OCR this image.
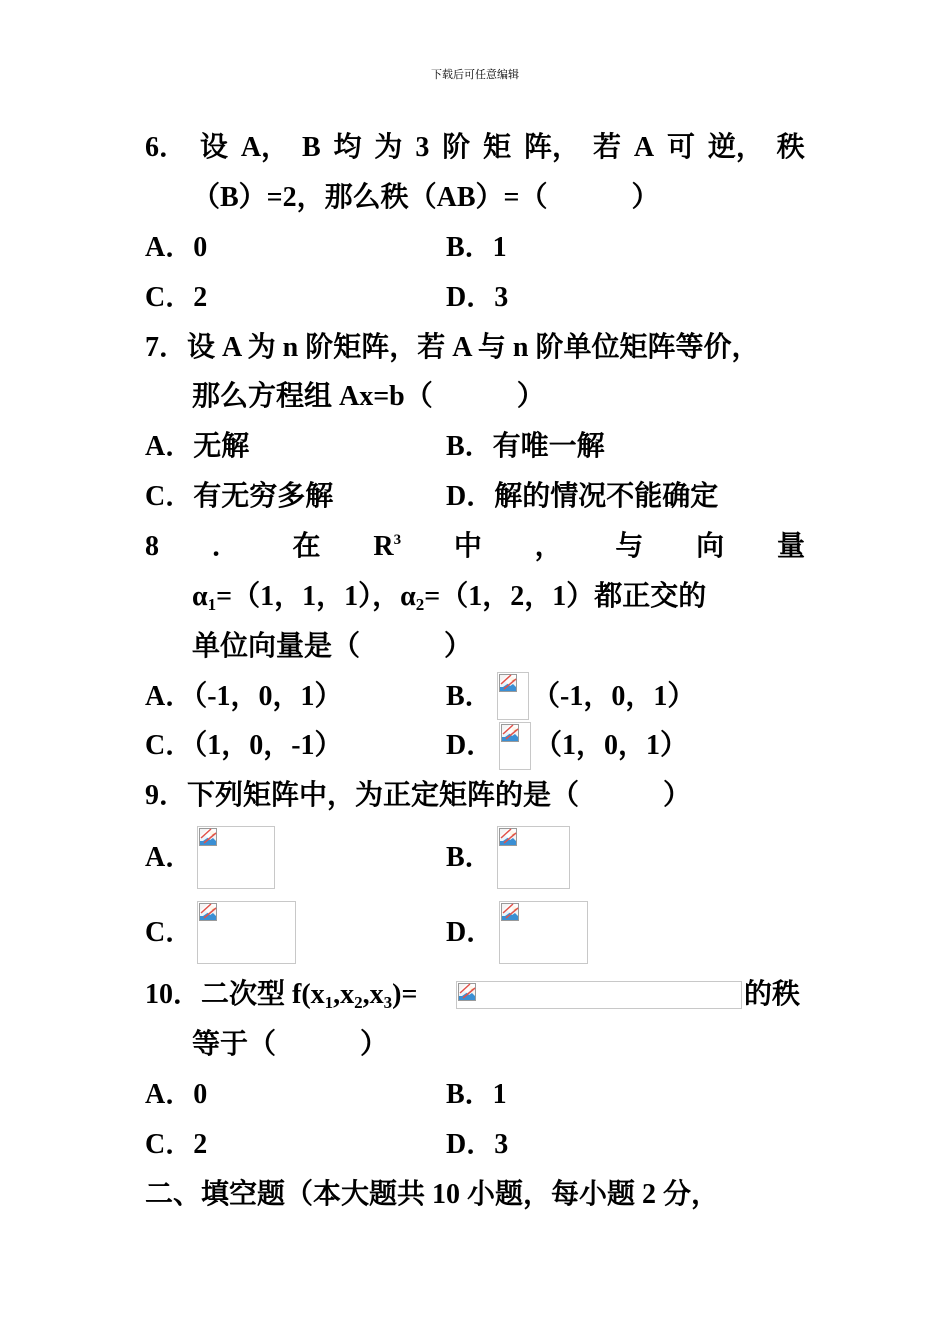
下载后可任意编辑
6． 设 A， B 均 为 3 阶 矩 阵， 若 A 可 逆， 秩
（B）=2，那么秩（AB）=（　　　）
A．0	B．1
C．2	D．3
7．设 A 为 n 阶矩阵，若 A 与 n 阶单位矩阵等价，
那么方程组 Ax=b（　　　）
A．无解	B．有唯一解
C．有无穷多解	D．解的情况不能确定
8 ． 在 $R^3$ 中 ， 与 向 量
$\alpha_1=(1$，1，1），$\alpha_2=(1$，2，1）都正交的
单位向量是（　　　）
A．（-1，0，1）	B． （-1，0，1）
C．（1，0，-1）	D． （1，0，1）
9．下列矩阵中，为正定矩阵的是（　　　）
A．	B．
C．	D．
10．二次型 $f(x_1,x_2,x_3)=$	的秩
等于（　　　）
A．0	B．1
C．2	D．3
二、填空题（本大题共 10 小题，每小题 2 分，
